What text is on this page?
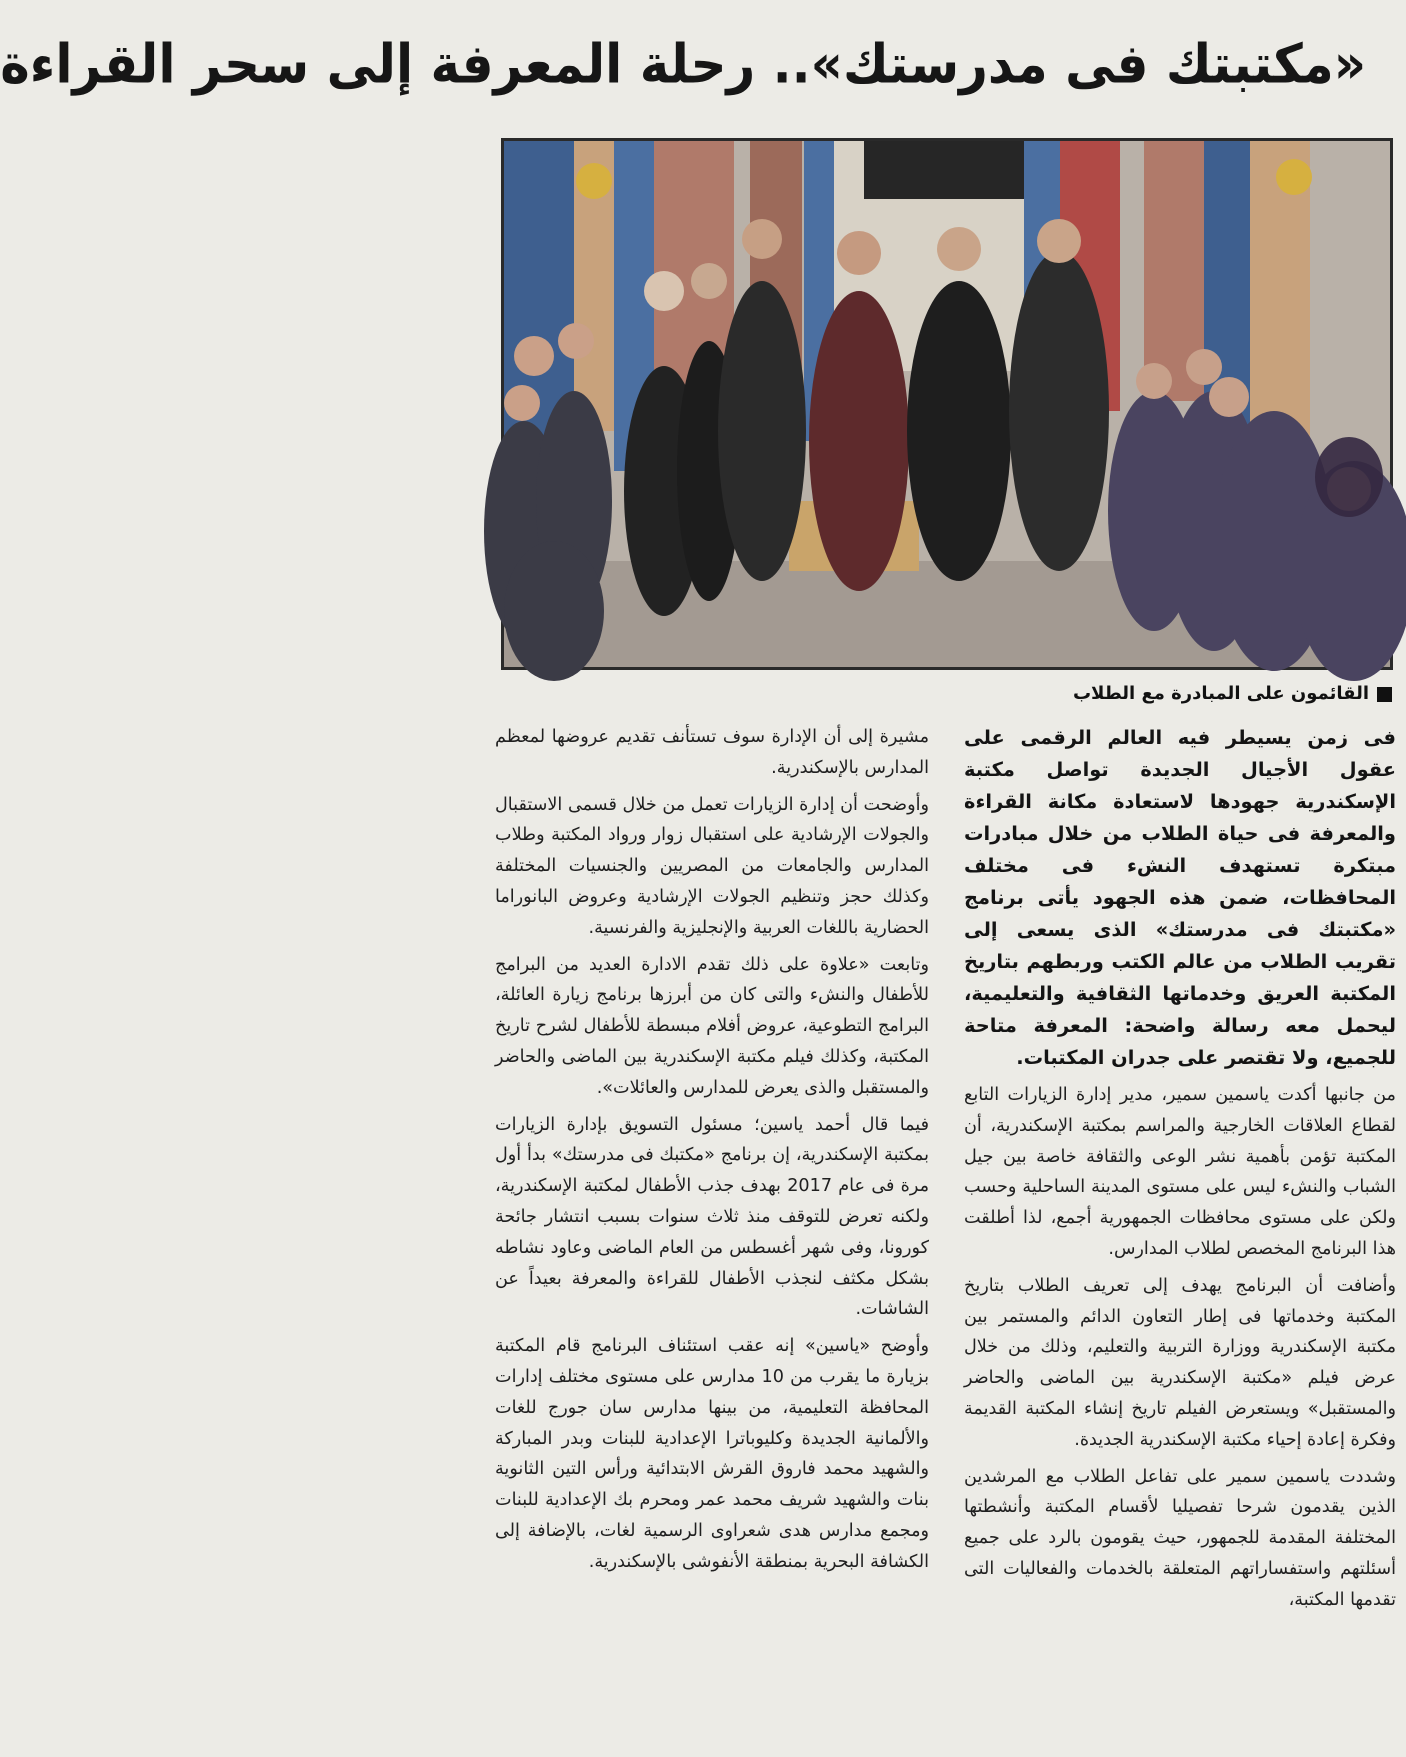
«مكتبتك فى مدرستك».. رحلة المعرفة إلى سحر القراءة
القائمون على المبادرة مع الطلاب

فى زمن يسيطر فيه العالم الرقمى على عقول الأجيال الجديدة تواصل مكتبة الإسكندرية جهودها لاستعادة مكانة القراءة والمعرفة فى حياة الطلاب من خلال مبادرات مبتكرة تستهدف النشء فى مختلف المحافظات، ضمن هذه الجهود يأتى برنامج «مكتبتك فى مدرستك» الذى يسعى إلى تقريب الطلاب من عالم الكتب وربطهم بتاريخ المكتبة العريق وخدماتها الثقافية والتعليمية، ليحمل معه رسالة واضحة: المعرفة متاحة للجميع، ولا تقتصر على جدران المكتبات.

من جانبها أكدت ياسمين سمير، مدير إدارة الزيارات التابع لقطاع العلاقات الخارجية والمراسم بمكتبة الإسكندرية، أن المكتبة تؤمن بأهمية نشر الوعى والثقافة خاصة بين جيل الشباب والنشء ليس على مستوى المدينة الساحلية وحسب ولكن على مستوى محافظات الجمهورية أجمع، لذا أطلقت هذا البرنامج المخصص لطلاب المدارس.

وأضافت أن البرنامج يهدف إلى تعريف الطلاب بتاريخ المكتبة وخدماتها فى إطار التعاون الدائم والمستمر بين مكتبة الإسكندرية ووزارة التربية والتعليم، وذلك من خلال عرض فيلم «مكتبة الإسكندرية بين الماضى والحاضر والمستقبل» ويستعرض الفيلم تاريخ إنشاء المكتبة القديمة وفكرة إعادة إحياء مكتبة الإسكندرية الجديدة.

وشددت ياسمين سمير على تفاعل الطلاب مع المرشدين الذين يقدمون شرحا تفصيليا لأقسام المكتبة وأنشطتها المختلفة المقدمة للجمهور، حيث يقومون بالرد على جميع أسئلتهم واستفساراتهم المتعلقة بالخدمات والفعاليات التى تقدمها المكتبة،

مشيرة إلى أن الإدارة سوف تستأنف تقديم عروضها لمعظم المدارس بالإسكندرية.

وأوضحت أن إدارة الزيارات تعمل من خلال قسمى الاستقبال والجولات الإرشادية على استقبال زوار ورواد المكتبة وطلاب المدارس والجامعات من المصريين والجنسيات المختلفة وكذلك حجز وتنظيم الجولات الإرشادية وعروض البانوراما الحضارية باللغات العربية والإنجليزية والفرنسية.

وتابعت «علاوة على ذلك تقدم الادارة العديد من البرامج للأطفال والنشء والتى كان من أبرزها برنامج زيارة العائلة، البرامج التطوعية، عروض أفلام مبسطة للأطفال لشرح تاريخ المكتبة، وكذلك فيلم مكتبة الإسكندرية بين الماضى والحاضر والمستقبل والذى يعرض للمدارس والعائلات».

فيما قال أحمد ياسين؛ مسئول التسويق بإدارة الزيارات بمكتبة الإسكندرية، إن برنامج «مكتبك فى مدرستك» بدأ أول مرة فى عام 2017 بهدف جذب الأطفال لمكتبة الإسكندرية، ولكنه تعرض للتوقف منذ ثلاث سنوات بسبب انتشار جائحة كورونا، وفى شهر أغسطس من العام الماضى وعاود نشاطه بشكل مكثف لنجذب الأطفال للقراءة والمعرفة بعيداً عن الشاشات.

وأوضح «ياسين» إنه عقب استئناف البرنامج قام المكتبة بزيارة ما يقرب من 10 مدارس على مستوى مختلف إدارات المحافظة التعليمية، من بينها مدارس سان جورج للغات والألمانية الجديدة وكليوباترا الإعدادية للبنات وبدر المباركة والشهيد محمد فاروق القرش الابتدائية ورأس التين الثانوية بنات والشهيد شريف محمد عمر ومحرم بك الإعدادية للبنات ومجمع مدارس هدى شعراوى الرسمية لغات، بالإضافة إلى الكشافة البحرية بمنطقة الأنفوشى بالإسكندرية.
